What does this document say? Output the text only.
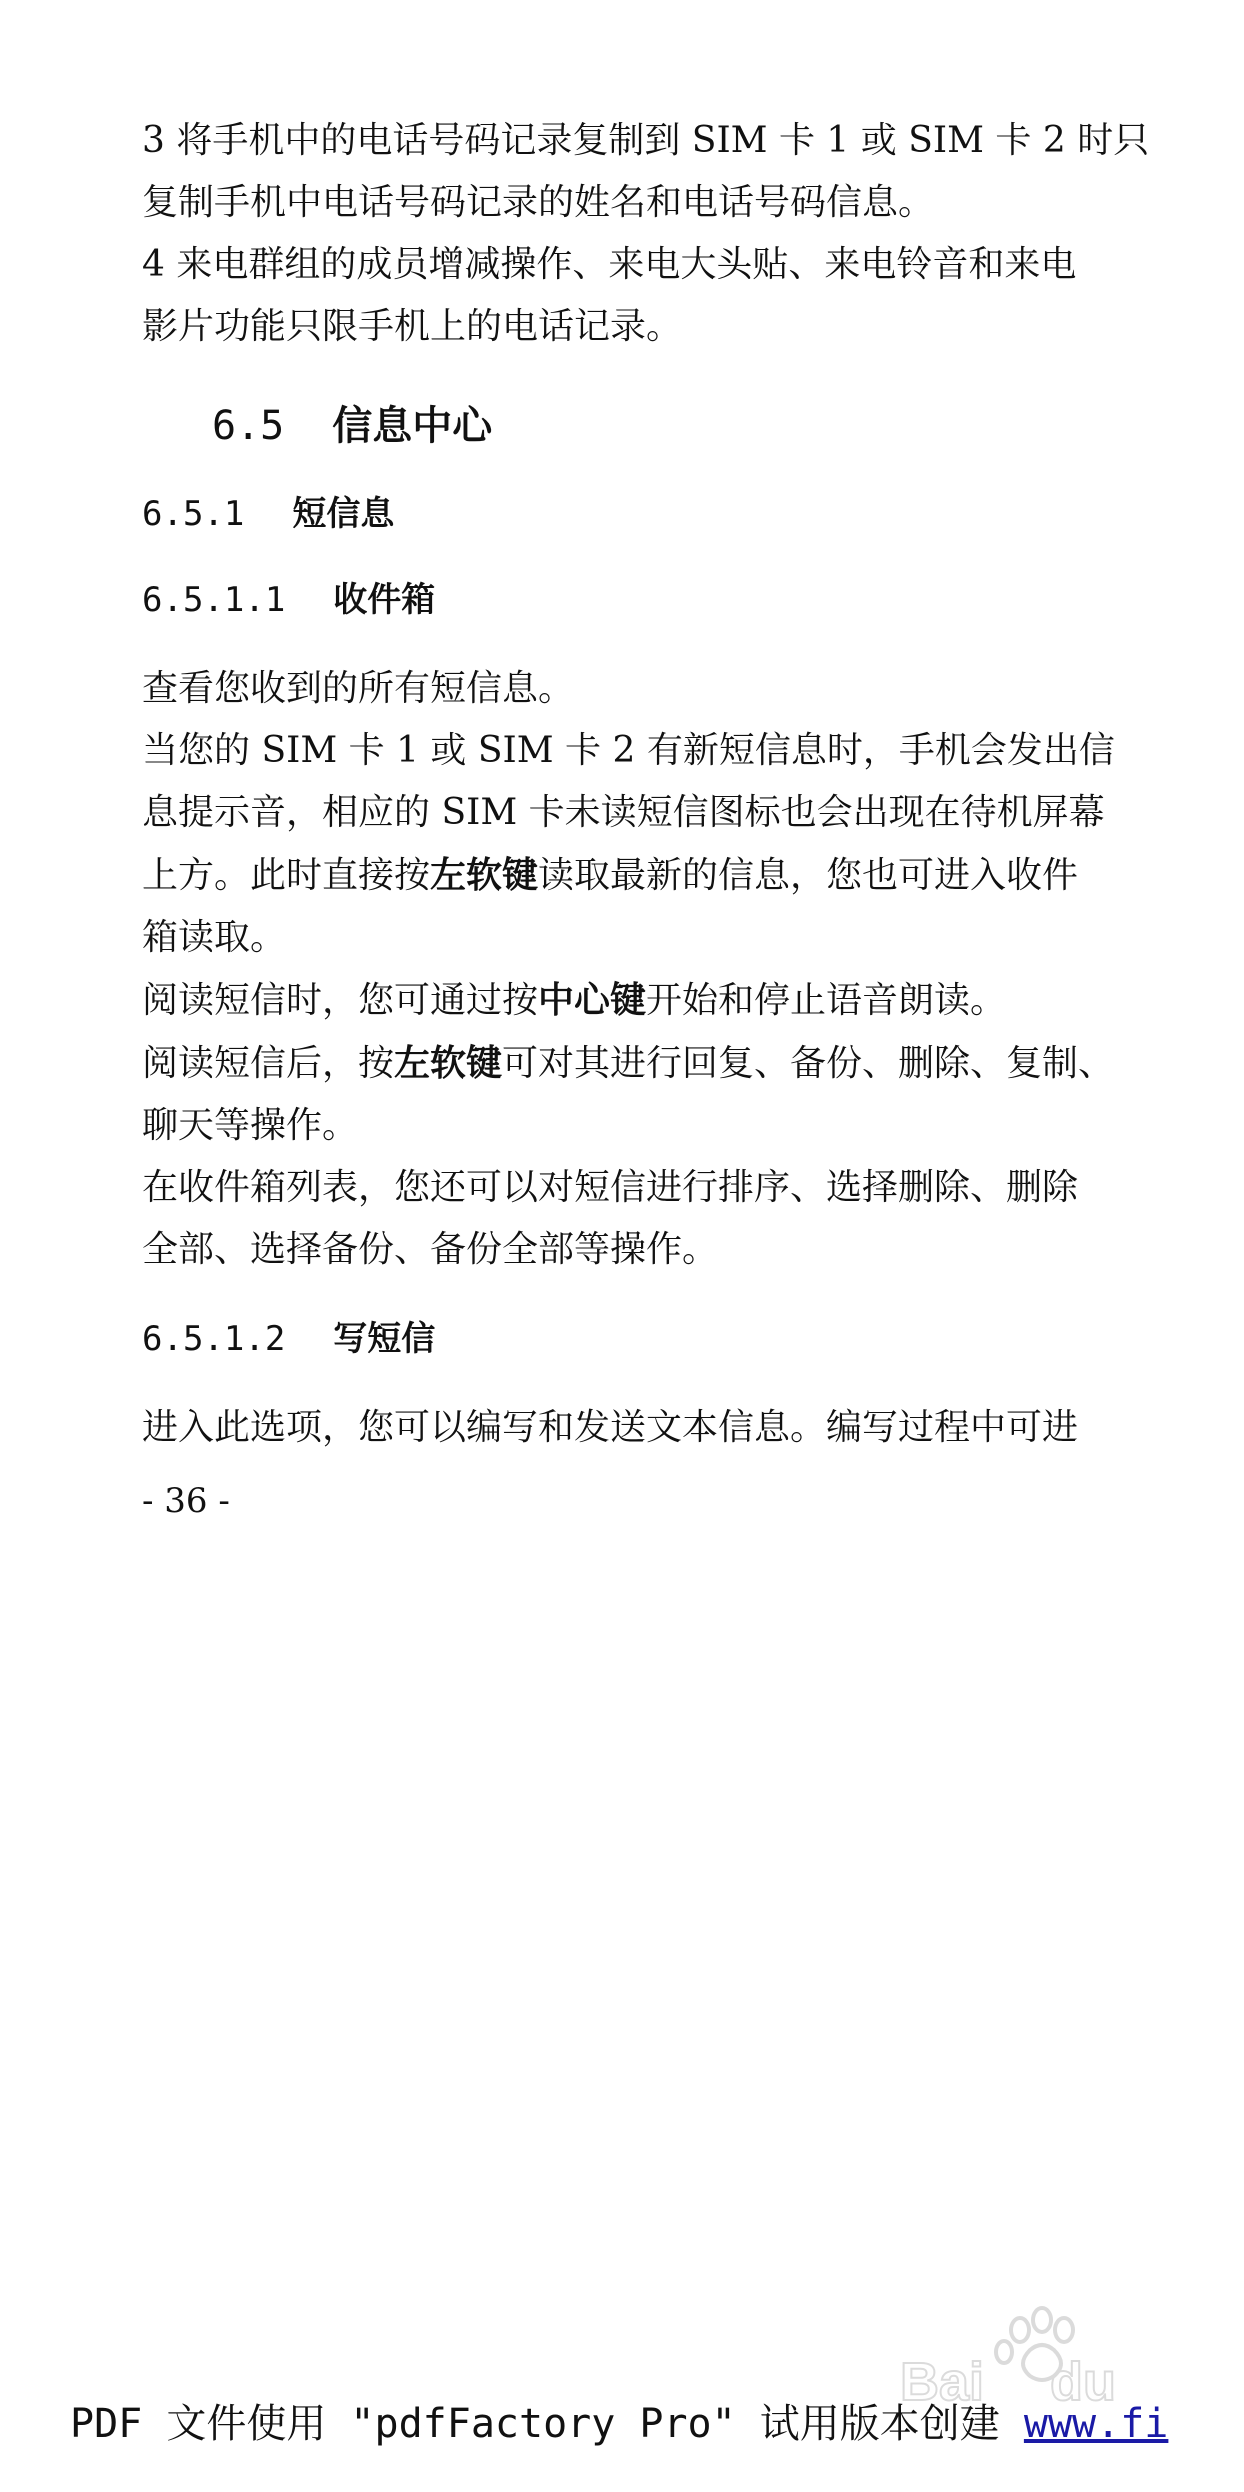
3 将手机中的电话号码记录复制到 SIM 卡 1 或 SIM 卡 2 时只

复制手机中电话号码记录的姓名和电话号码信息。

4 来电群组的成员增减操作、来电大头贴、来电铃音和来电

影片功能只限手机上的电话记录。

6.5 信息中心
6.5.1 短信息
6.5.1.1 收件箱

查看您收到的所有短信息。

当您的 SIM 卡 1 或 SIM 卡 2 有新短信息时，手机会发出信

息提示音，相应的 SIM 卡未读短信图标也会出现在待机屏幕

上方。此时直接按左软键读取最新的信息，您也可进入收件

箱读取。

阅读短信时，您可通过按中心键开始和停止语音朗读。

阅读短信后，按左软键可对其进行回复、备份、删除、复制、

聊天等操作。

在收件箱列表，您还可以对短信进行排序、选择删除、删除

全部、选择备份、备份全部等操作。

6.5.1.2 写短信

进入此选项，您可以编写和发送文本信息。编写过程中可进

- 36 -
Bai du
PDF 文件使用 "pdfFactory Pro" 试用版本创建 www.fi
